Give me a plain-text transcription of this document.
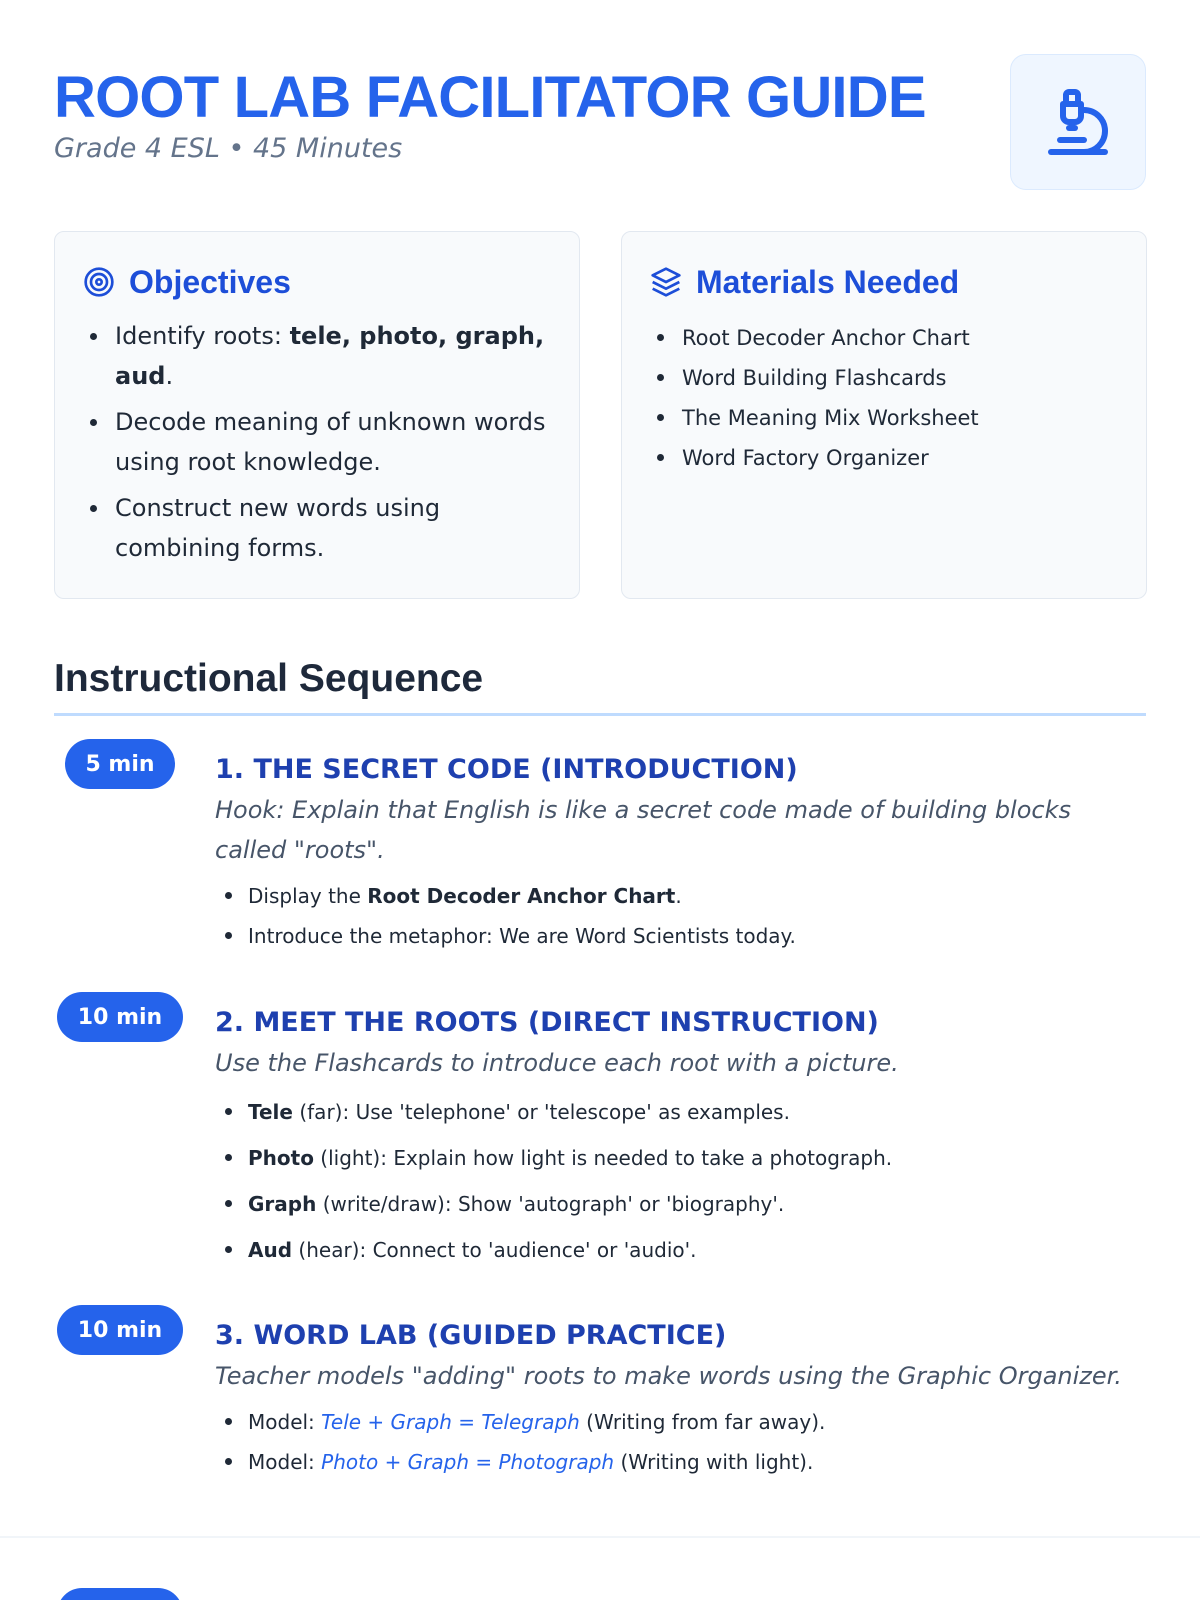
ROOT LAB FACILITATOR GUIDE
Grade 4 ESL • 45 Minutes
Objectives
Identify roots: tele, photo, graph, aud.
Decode meaning of unknown words using root knowledge.
Construct new words using combining forms.
Materials Needed
Root Decoder Anchor Chart
Word Building Flashcards
The Meaning Mix Worksheet
Word Factory Organizer
Instructional Sequence
5 min	1. THE SECRET CODE (INTRODUCTION)
Hook: Explain that English is like a secret code made of building blocks called "roots".
Display the Root Decoder Anchor Chart.
Introduce the metaphor: We are Word Scientists today.
10 min	2. MEET THE ROOTS (DIRECT INSTRUCTION)
Use the Flashcards to introduce each root with a picture.
Tele (far): Use 'telephone' or 'telescope' as examples.
Photo (light): Explain how light is needed to take a photograph.
Graph (write/draw): Show 'autograph' or 'biography'.
Aud (hear): Connect to 'audience' or 'audio'.
10 min	3. WORD LAB (GUIDED PRACTICE)
Teacher models "adding" roots to make words using the Graphic Organizer.
Model: Tele + Graph = Telegraph (Writing from far away).
Model: Photo + Graph = Photograph (Writing with light).
